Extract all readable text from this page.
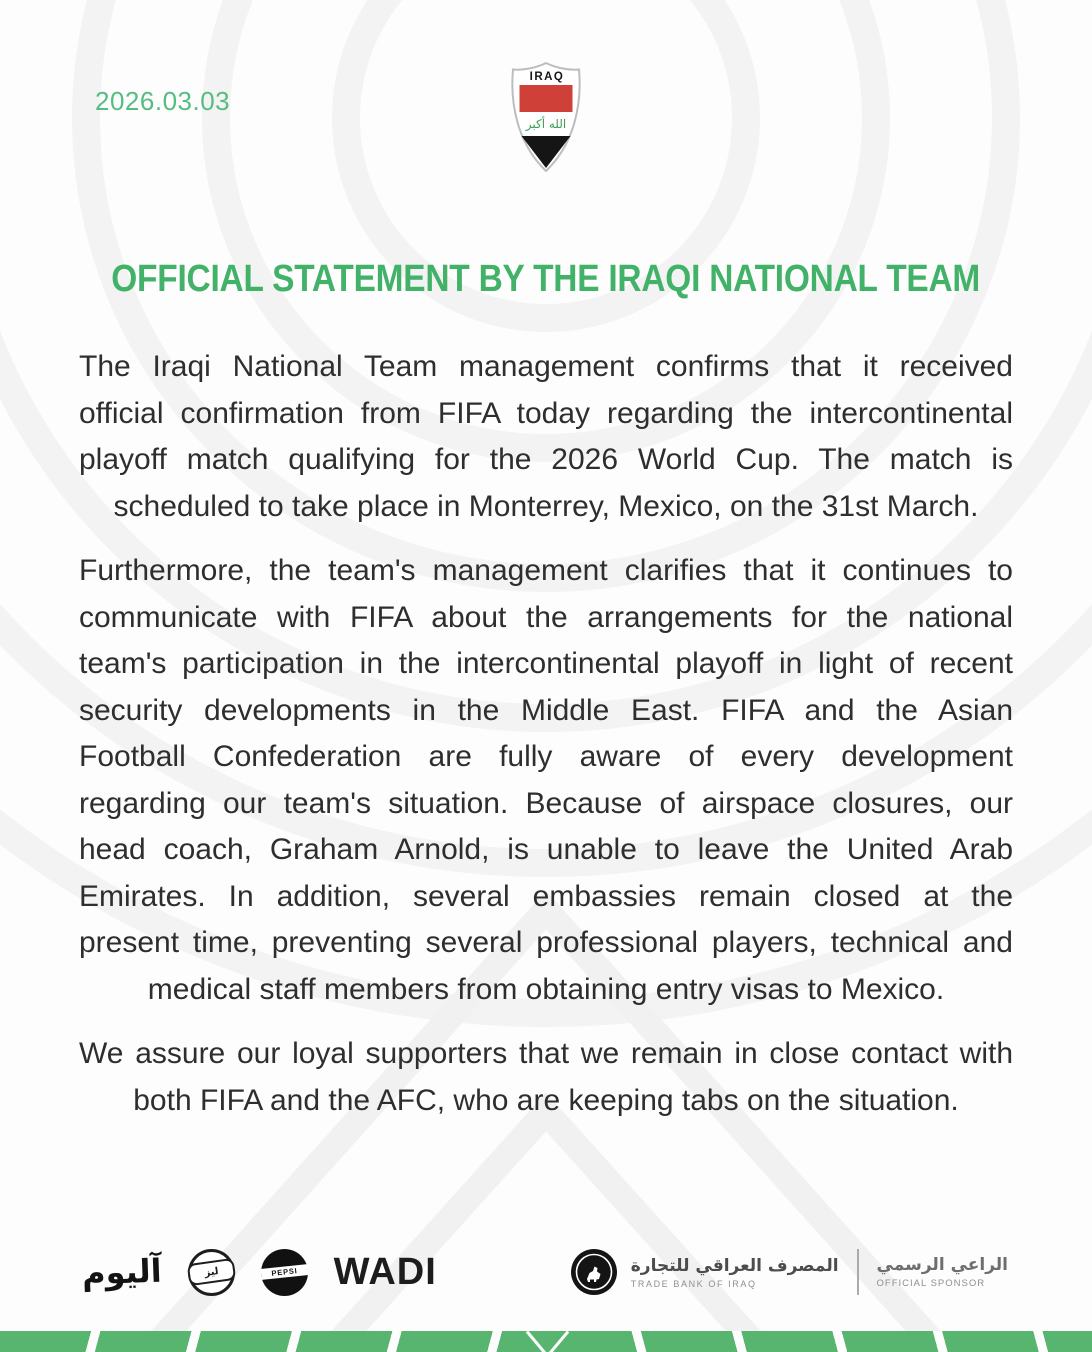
2026.03.03
IRAQ
الله أكبر
OFFICIAL STATEMENT BY THE IRAQI NATIONAL TEAM
The Iraqi National Team management confirms that it received
official confirmation from FIFA today regarding the intercontinental
playoff match qualifying for the 2026 World Cup. The match is
scheduled to take place in Monterrey, Mexico, on the 31st March.
Furthermore, the team's management clarifies that it continues to
communicate with FIFA about the arrangements for the national
team's participation in the intercontinental playoff in light of recent
security developments in the Middle East. FIFA and the Asian
Football Confederation are fully aware of every development
regarding our team's situation. Because of airspace closures, our
head coach, Graham Arnold, is unable to leave the United Arab
Emirates. In addition, several embassies remain closed at the
present time, preventing several professional players, technical and
medical staff members from obtaining entry visas to Mexico.
We assure our loyal supporters that we remain in close contact with
both FIFA and the AFC, who are keeping tabs on the situation.
آليوم	ليز	PEPSI WADI	المصرف العراقي للتجارة
TRADE BANK OF IRAQ
الراعي الرسمي
OFFICIAL SPONSOR
